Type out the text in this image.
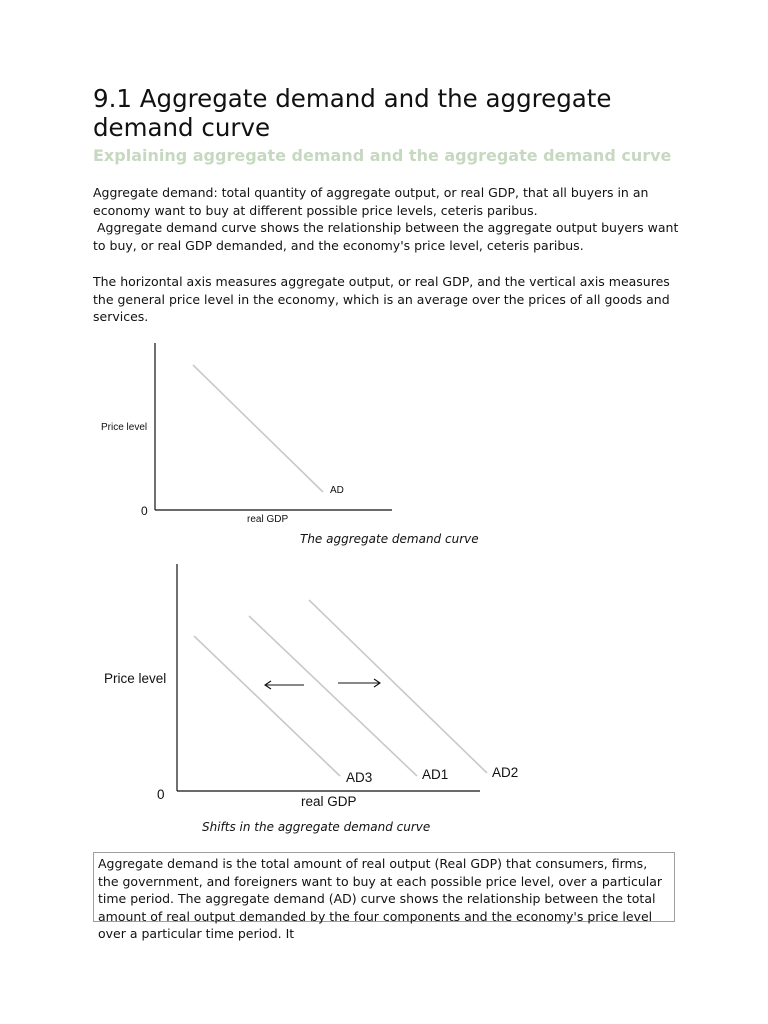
9.1 Aggregate demand and the aggregate demand curve
Explaining aggregate demand and the aggregate demand curve

Aggregate demand: total quantity of aggregate output, or real GDP, that all buyers in an economy want to buy at different possible price levels, ceteris paribus.

Aggregate demand curve shows the relationship between the aggregate output buyers want to buy, or real GDP demanded, and the economy's price level, ceteris paribus.

The horizontal axis measures aggregate output, or real GDP, and the vertical axis measures the general price level in the economy, which is an average over the prices of all goods and services.

Price level
real GDP
0
AD
Price level
real GDP
0
AD3	AD1	AD2

The aggregate demand curve

Shifts in the aggregate demand curve

Aggregate demand is the total amount of real output (Real GDP) that consumers, firms, the government, and foreigners want to buy at each possible price level, over a particular time period. The aggregate demand (AD) curve shows the relationship between the total amount of real output demanded by the four components and the economy's price level over a particular time period. It
